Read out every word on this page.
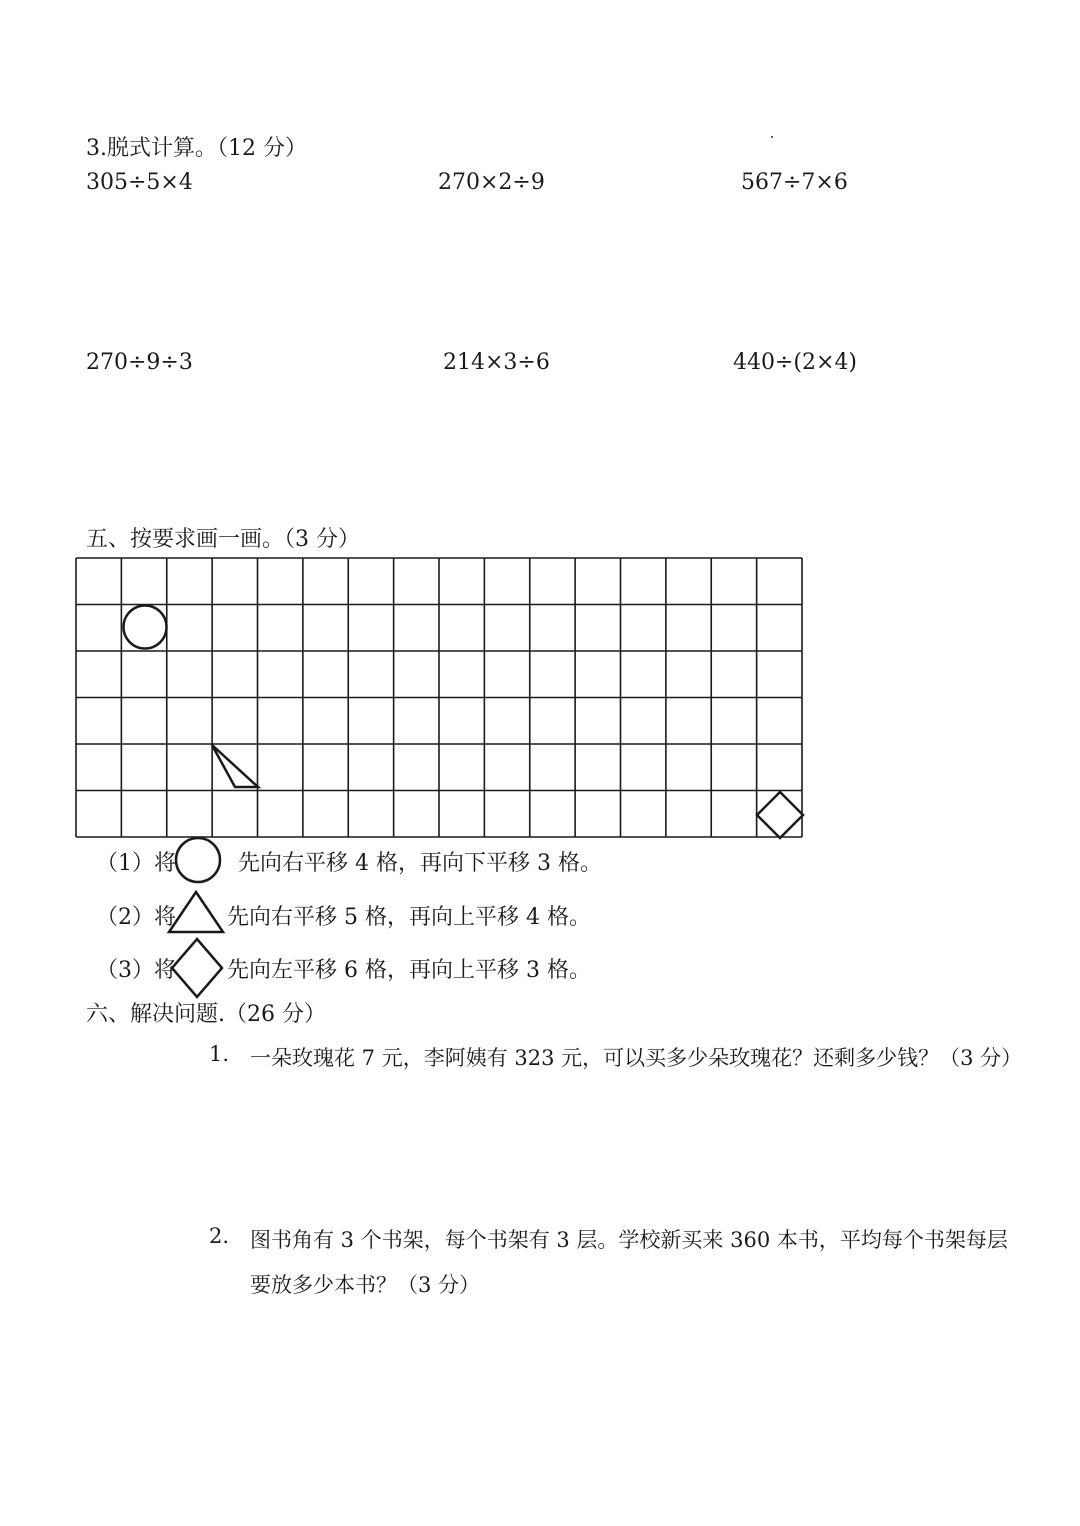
3.脱式计算。（12 分）
305÷5×4	270×2÷9	567÷7×6
270÷9÷3	214×3÷6	440÷(2×4)
五、按要求画一画。（3 分）
（1）将	先向右平移 4 格，再向下平移 3 格。
（2）将 先向右平移 5 格，再向上平移 4 格。
（3）将 先向左平移 6 格，再向上平移 3 格。
六、解决问题.（26 分）
1. 一朵玫瑰花 7 元，李阿姨有 323 元，可以买多少朵玫瑰花？还剩多少钱？（3 分）
2. 图书角有 3 个书架，每个书架有 3 层。学校新买来 360 本书，平均每个书架每层
要放多少本书？（3 分）
